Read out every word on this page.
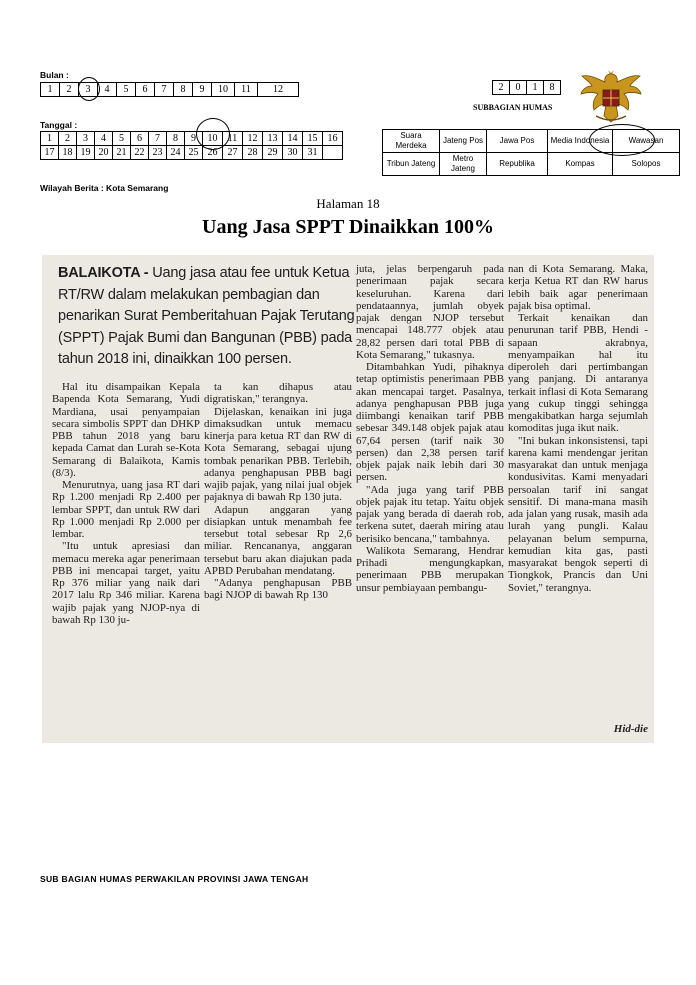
Bulan :
1	2	3	4	5	6	7	8	9	10	11	12	2	0	1	8
SUBBAGIAN HUMAS
Tanggal :
1	2	3	4	5	6	7	8	9	10	11	12	13	14	15	16
17	18	19	20	21	22	23	24	25	26	27	28	29	30	31	
Suara Merdeka	Jateng Pos	Jawa Pos	Media Indonesia	Wawasan
Tribun Jateng	Metro Jateng	Republika	Kompas	Solopos
Wilayah Berita : Kota Semarang
Halaman 18
Uang Jasa SPPT Dinaikkan 100%
BALAIKOTA - Uang jasa atau fee untuk Ketua RT/RW dalam melakukan pembagian dan penarikan Surat Pemberitahuan Pajak Terutang (SPPT) Pajak Bumi dan Bangunan (PBB) pada tahun 2018 ini, dinaikkan 100 persen.

Hal itu disampaikan Kepala Bapenda Kota Semarang, Yudi Mardiana, usai penyampaian secara simbolis SPPT dan DHKP PBB tahun 2018 yang baru kepada Camat dan Lurah se-Kota Semarang di Balaikota, Kamis (8/3).

Menurutnya, uang jasa RT dari Rp 1.200 menjadi Rp 2.400 per lembar SPPT, dan untuk RW dari Rp 1.000 menjadi Rp 2.000 per lembar.

"Itu untuk apresiasi dan memacu mereka agar penerimaan PBB ini mencapai target, yaitu Rp 376 miliar yang naik dari 2017 lalu Rp 346 miliar. Karena wajib pajak yang NJOP-nya di bawah Rp 130 ju-

ta kan dihapus atau digratiskan," terangnya.

Dijelaskan, kenaikan ini juga dimaksudkan untuk memacu kinerja para ketua RT dan RW di Kota Semarang, sebagai ujung tombak penarikan PBB. Terlebih, adanya penghapusan PBB bagi wajib pajak, yang nilai jual objek pajaknya di bawah Rp 130 juta.

Adapun anggaran yang disiapkan untuk menambah fee tersebut total sebesar Rp 2,6 miliar. Rencananya, anggaran tersebut baru akan diajukan pada APBD Perubahan mendatang.

"Adanya penghapusan PBB bagi NJOP di bawah Rp 130

juta, jelas berpengaruh pada penerimaan pajak secara keseluruhan. Karena dari pendataannya, jumlah obyek pajak dengan NJOP tersebut mencapai 148.777 objek atau 28,82 persen dari total PBB di Kota Semarang," tukasnya.

Ditambahkan Yudi, pihaknya tetap optimistis penerimaan PBB akan mencapai target. Pasalnya, adanya penghapusan PBB juga diimbangi kenaikan tarif PBB sebesar 349.148 objek pajak atau 67,64 persen (tarif naik 30 persen) dan 2,38 persen tarif objek pajak naik lebih dari 30 persen.

"Ada juga yang tarif PBB objek pajak itu tetap. Yaitu objek pajak yang berada di daerah rob, terkena sutet, daerah miring atau berisiko bencana," tambahnya.

Walikota Semarang, Hendrar Prihadi mengungkapkan, penerimaan PBB merupakan unsur pembiayaan pembangu-

nan di Kota Semarang. Maka, kerja Ketua RT dan RW harus lebih baik agar penerimaan pajak bisa optimal.

Terkait kenaikan dan penurunan tarif PBB, Hendi - sapaan akrabnya, menyampaikan hal itu diperoleh dari pertimbangan yang panjang. Di antaranya terkait inflasi di Kota Semarang yang cukup tinggi sehingga mengakibatkan harga sejumlah komoditas juga ikut naik.

"Ini bukan inkonsistensi, tapi karena kami mendengar jeritan masyarakat dan untuk menjaga kondusivitas. Kami menyadari persoalan tarif ini sangat sensitif. Di mana-mana masih ada jalan yang rusak, masih ada lurah yang pungli. Kalau pelayanan belum sempurna, kemudian kita gas, pasti masyarakat bengok seperti di Tiongkok, Prancis dan Uni Soviet," terangnya.

Hid-die
SUB BAGIAN HUMAS PERWAKILAN PROVINSI JAWA TENGAH
